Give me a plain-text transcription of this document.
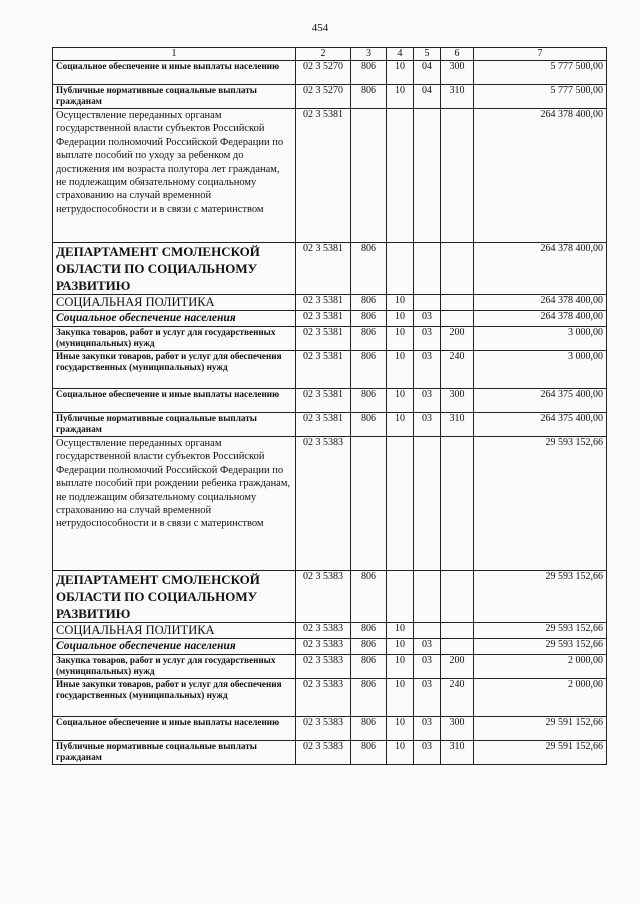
454
1	2	3	4	5	6	7
Социальное обеспечение и иные выплаты населению	02 3 5270	806	10	04	300	5 777 500,00
Публичные нормативные социальные выплаты гражданам	02 3 5270	806	10	04	310	5 777 500,00
Осуществление переданных органам государственной власти субъектов Российской Федерации полномочий Российской Федерации по выплате пособий по уходу за ребенком до достижения им возраста полутора лет гражданам, не подлежащим обязательному социальному страхованию на случай временной нетрудоспособности и в связи с материнством	02 3 5381					264 378 400,00
ДЕПАРТАМЕНТ СМОЛЕНСКОЙ ОБЛАСТИ ПО СОЦИАЛЬНОМУ РАЗВИТИЮ	02 3 5381	806				264 378 400,00
СОЦИАЛЬНАЯ ПОЛИТИКА	02 3 5381	806	10			264 378 400,00
Социальное обеспечение населения	02 3 5381	806	10	03		264 378 400,00
Закупка товаров, работ и услуг для государственных (муниципальных) нужд	02 3 5381	806	10	03	200	3 000,00
Иные закупки товаров, работ и услуг для обеспечения государственных (муниципальных) нужд	02 3 5381	806	10	03	240	3 000,00
Социальное обеспечение и иные выплаты населению	02 3 5381	806	10	03	300	264 375 400,00
Публичные нормативные социальные выплаты гражданам	02 3 5381	806	10	03	310	264 375 400,00
Осуществление переданных органам государственной власти субъектов Российской Федерации полномочий Российской Федерации по выплате пособий при рождении ребенка гражданам, не подлежащим обязательному социальному страхованию на случай временной нетрудоспособности и в связи с материнством	02 3 5383					29 593 152,66
ДЕПАРТАМЕНТ СМОЛЕНСКОЙ ОБЛАСТИ ПО СОЦИАЛЬНОМУ РАЗВИТИЮ	02 3 5383	806				29 593 152,66
СОЦИАЛЬНАЯ ПОЛИТИКА	02 3 5383	806	10			29 593 152,66
Социальное обеспечение населения	02 3 5383	806	10	03		29 593 152,66
Закупка товаров, работ и услуг для государственных (муниципальных) нужд	02 3 5383	806	10	03	200	2 000,00
Иные закупки товаров, работ и услуг для обеспечения государственных (муниципальных) нужд	02 3 5383	806	10	03	240	2 000,00
Социальное обеспечение и иные выплаты населению	02 3 5383	806	10	03	300	29 591 152,66
Публичные нормативные социальные выплаты гражданам	02 3 5383	806	10	03	310	29 591 152,66
